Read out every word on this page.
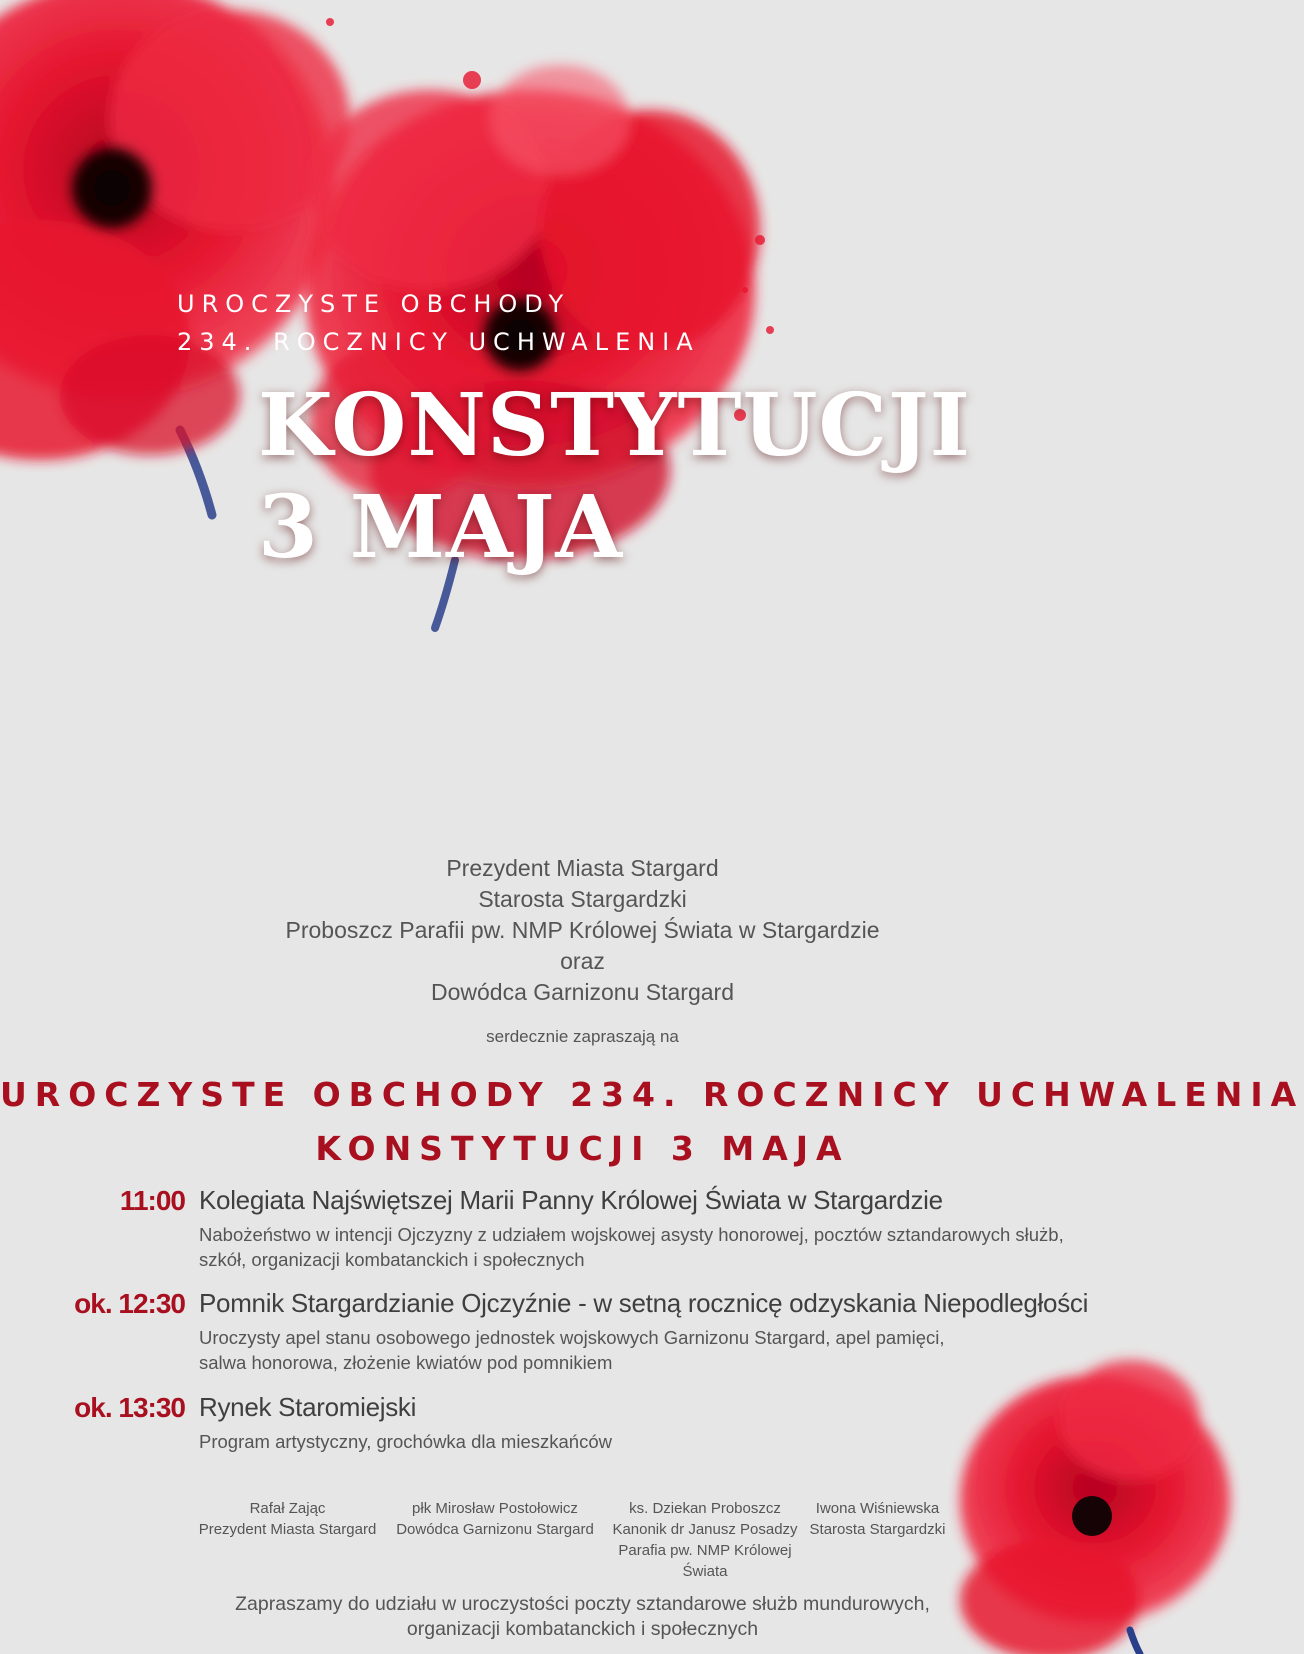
UROCZYSTE OBCHODY
234. ROCZNICY UCHWALENIA
KONSTYTUCJI
3 MAJA
Prezydent Miasta Stargard
Starosta Stargardzki
Proboszcz Parafii pw. NMP Królowej Świata w Stargardzie
oraz
Dowódca Garnizonu Stargard
serdecznie zapraszają na
UROCZYSTE OBCHODY 234. ROCZNICY UCHWALENIA
KONSTYTUCJI 3 MAJA
11:00 Kolegiata Najświętszej Marii Panny Królowej Świata w Stargardzie
Nabożeństwo w intencji Ojczyzny z udziałem wojskowej asysty honorowej, pocztów sztandarowych służb,
szkół, organizacji kombatanckich i społecznych
ok. 12:30 Pomnik Stargardzianie Ojczyźnie - w setną rocznicę odzyskania Niepodległości
Uroczysty apel stanu osobowego jednostek wojskowych Garnizonu Stargard, apel pamięci,
salwa honorowa, złożenie kwiatów pod pomnikiem
ok. 13:30 Rynek Staromiejski
Program artystyczny, grochówka dla mieszkańców
Rafał Zając
Prezydent Miasta Stargard
płk Mirosław Postołowicz
Dowódca Garnizonu Stargard
ks. Dziekan Proboszcz
Kanonik dr Janusz Posadzy
Parafia pw. NMP Królowej
Świata
Iwona Wiśniewska
Starosta Stargardzki
Zapraszamy do udziału w uroczystości poczty sztandarowe służb mundurowych,
organizacji kombatanckich i społecznych
